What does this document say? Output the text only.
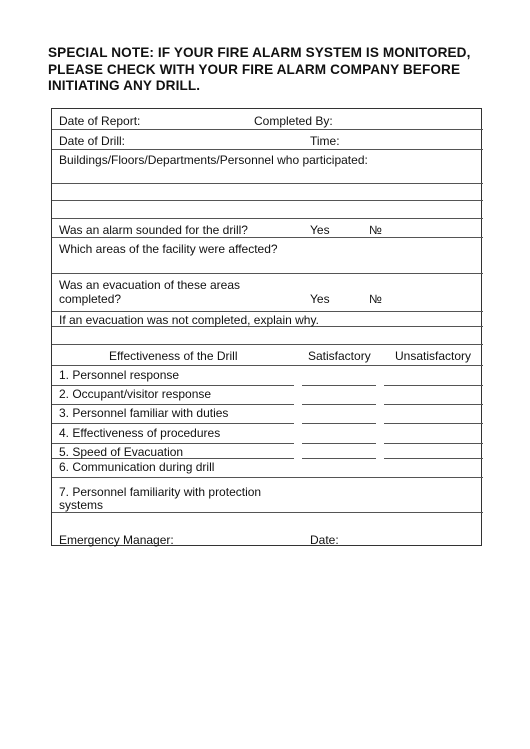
SPECIAL NOTE: IF YOUR FIRE ALARM SYSTEM IS MONITORED,
PLEASE CHECK WITH YOUR FIRE ALARM COMPANY BEFORE
INITIATING ANY DRILL.
Date of Report:	Completed By:
Date of Drill:	Time:
Buildings/Floors/Departments/Personnel who participated:
Was an alarm sounded for the drill?	Yes	№
Which areas of the facility were affected?
Was an evacuation of these areas
completed?	Yes	№
If an evacuation was not completed, explain why.
Effectiveness of the Drill	Satisfactory Unsatisfactory
1. Personnel response
2. Occupant/visitor response
3. Personnel familiar with duties
4. Effectiveness of procedures
5. Speed of Evacuation
6. Communication during drill
7. Personnel familiarity with protection
systems
Emergency Manager:	Date:
